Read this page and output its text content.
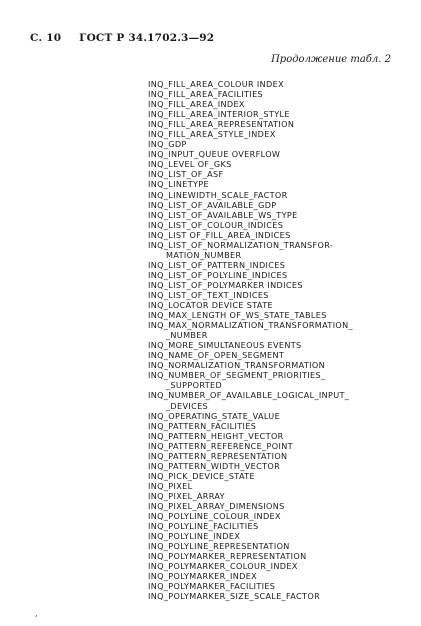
С. 10 ГОСТ Р 34.1702.3—92
Продолжение табл. 2
INQ_FILL_AREA_COLOUR INDEX
INQ_FILL_AREA_FACILITIES
INQ_FILL_AREA_INDEX
INQ_FILL_AREA_INTERIOR_STYLE
INQ_FILL_AREA_REPRESENTATION
INQ_FILL_AREA_STYLE_INDEX
INQ_GDP
INQ_INPUT_QUEUE OVERFLOW
INQ_LEVEL OF_GKS
INQ_LIST_OF_ASF
INQ_LINETYPE
INQ_LINEWIDTH_SCALE_FACTOR
INQ_LIST_OF_AVAILABLE_GDP
INQ_LIST_OF_AVAILABLE_WS_TYPE
INQ_LIST_OF_COLOUR_INDICES
INQ_LIST OF_FILL_AREA_INDICES
INQ_LIST_OF_NORMALIZATION_TRANSFOR-
MATION_NUMBER
INQ_LIST_OF_PATTERN_INDICES
INQ_LIST_OF_POLYLINE_INDICES
INQ_LIST_OF_POLYMARKER INDICES
INQ_LIST_OF_TEXT_INDICES
INQ_LOCATOR DEVICE STATE
INQ_MAX_LENGTH OF_WS_STATE_TABLES
INQ_MAX_NORMALIZATION_TRANSFORMATION_
_NUMBER
INQ_MORE_SIMULTANEOUS EVENTS
INQ_NAME_OF_OPEN_SEGMENT
INQ_NORMALIZATION_TRANSFORMATION
INQ_NUMBER_OF_SEGMENT_PRIORITIES_
_SUPPORTED
INQ_NUMBER_OF_AVAILABLE_LOGICAL_INPUT_
_DEVICES
INQ_OPERATING_STATE_VALUE
INQ_PATTERN_FACILITIES
INQ_PATTERN_HEIGHT_VECTOR
INQ_PATTERN_REFERENCE_POINT
INQ_PATTERN_REPRESENTATION
INQ_PATTERN_WIDTH_VECTOR
INQ_PICK_DEVICE_STATE
INQ_PIXEL
INQ_PIXEL_ARRAY
INQ_PIXEL_ARRAY_DIMENSIONS
INQ_POLYLINE_COLOUR_INDEX
INQ_POLYLINE_FACILITIES
INQ_POLYLINE_INDEX
INQ_POLYLINE_REPRESENTATION
INQ_POLYMARKER_REPRESENTATION
INQ_POLYMARKER_COLOUR_INDEX
INQ_POLYMARKER_INDEX
INQ_POLYMARKER_FACILITIES
INQ_POLYMARKER_SIZE_SCALE_FACTOR
‚
